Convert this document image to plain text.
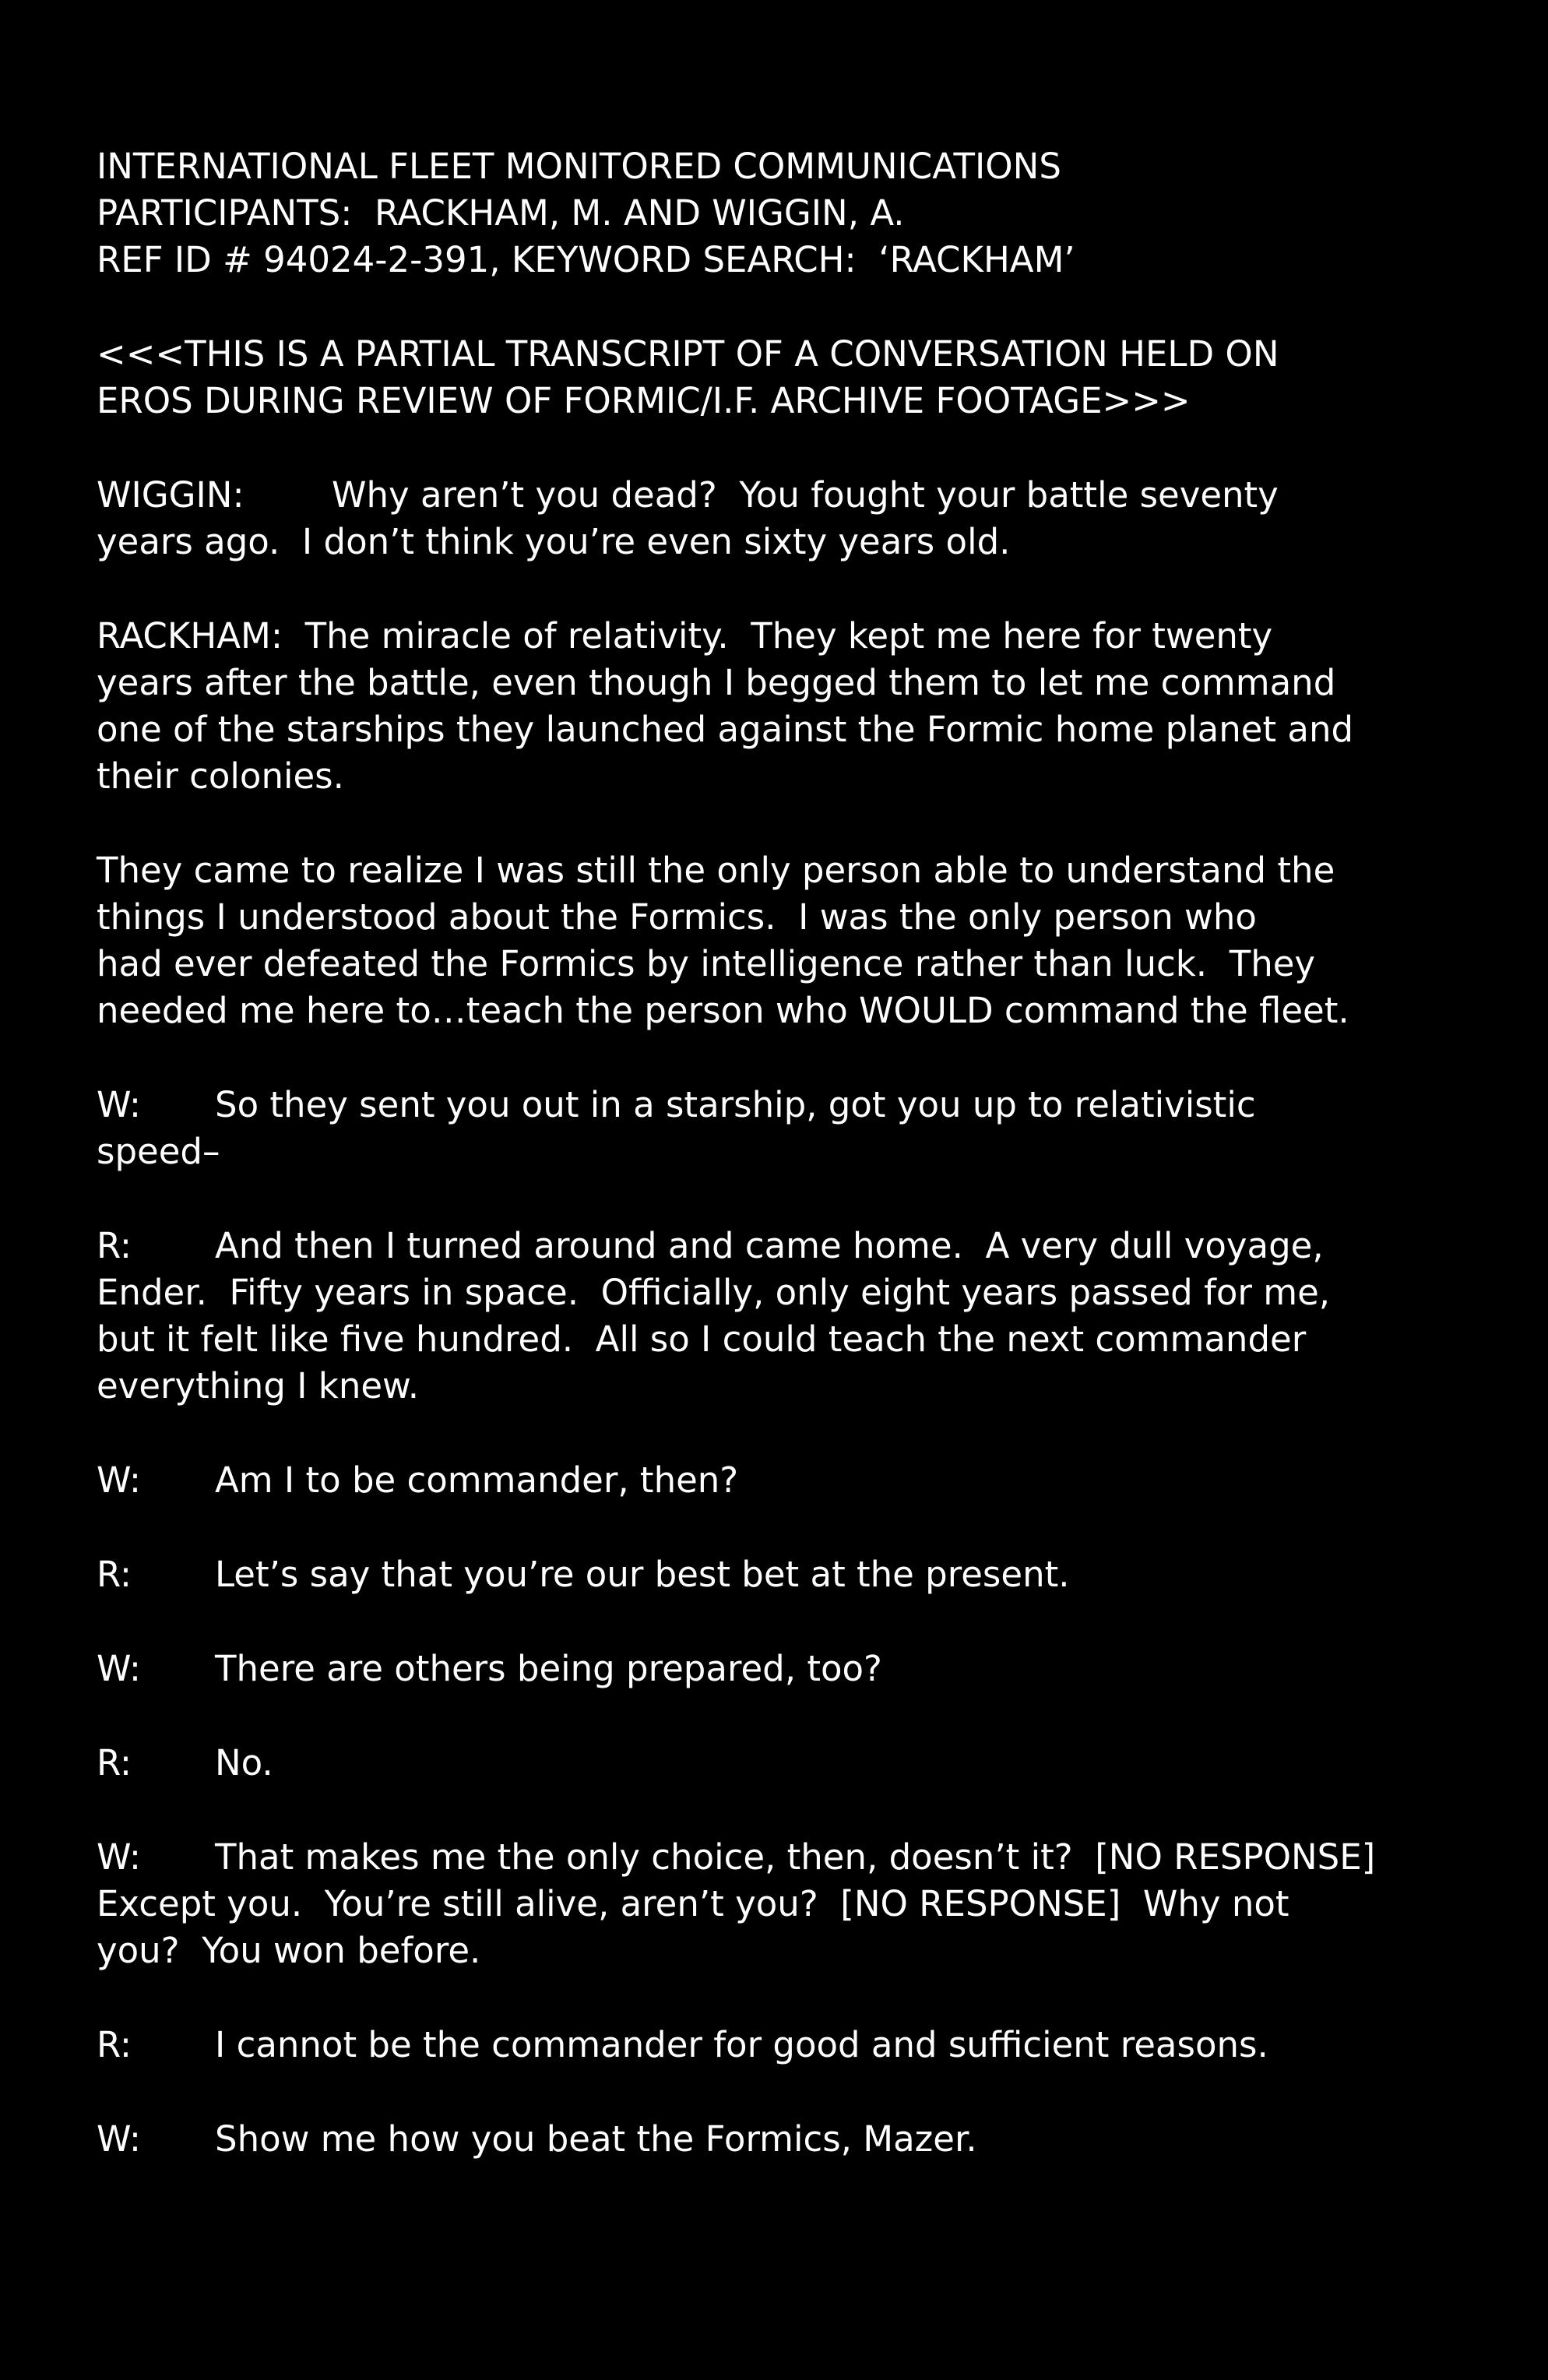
INTERNATIONAL FLEET MONITORED COMMUNICATIONS
PARTICIPANTS:  RACKHAM, M. AND WIGGIN, A.
REF ID # 94024-2-391, KEYWORD SEARCH:  ‘RACKHAM’
<<<THIS IS A PARTIAL TRANSCRIPT OF A CONVERSATION HELD ON
EROS DURING REVIEW OF FORMIC/I.F. ARCHIVE FOOTAGE>>>
WIGGIN: Why aren’t you dead?  You fought your battle seventy
years ago.  I don’t think you’re even sixty years old.
RACKHAM: The miracle of relativity.  They kept me here for twenty
years after the battle, even though I begged them to let me command
one of the starships they launched against the Formic home planet and
their colonies.
They came to realize I was still the only person able to understand the
things I understood about the Formics.  I was the only person who
had ever defeated the Formics by intelligence rather than luck.  They
needed me here to…teach the person who WOULD command the fleet.
W: So they sent you out in a starship, got you up to relativistic
speed–
R: And then I turned around and came home.  A very dull voyage,
Ender.  Fifty years in space.  Officially, only eight years passed for me,
but it felt like five hundred.  All so I could teach the next commander
everything I knew.
W: Am I to be commander, then?
R: Let’s say that you’re our best bet at the present.
W: There are others being prepared, too?
R: No.
W: That makes me the only choice, then, doesn’t it?  [NO RESPONSE]
Except you.  You’re still alive, aren’t you?  [NO RESPONSE]  Why not
you?  You won before.
R: I cannot be the commander for good and sufficient reasons.
W: Show me how you beat the Formics, Mazer.
